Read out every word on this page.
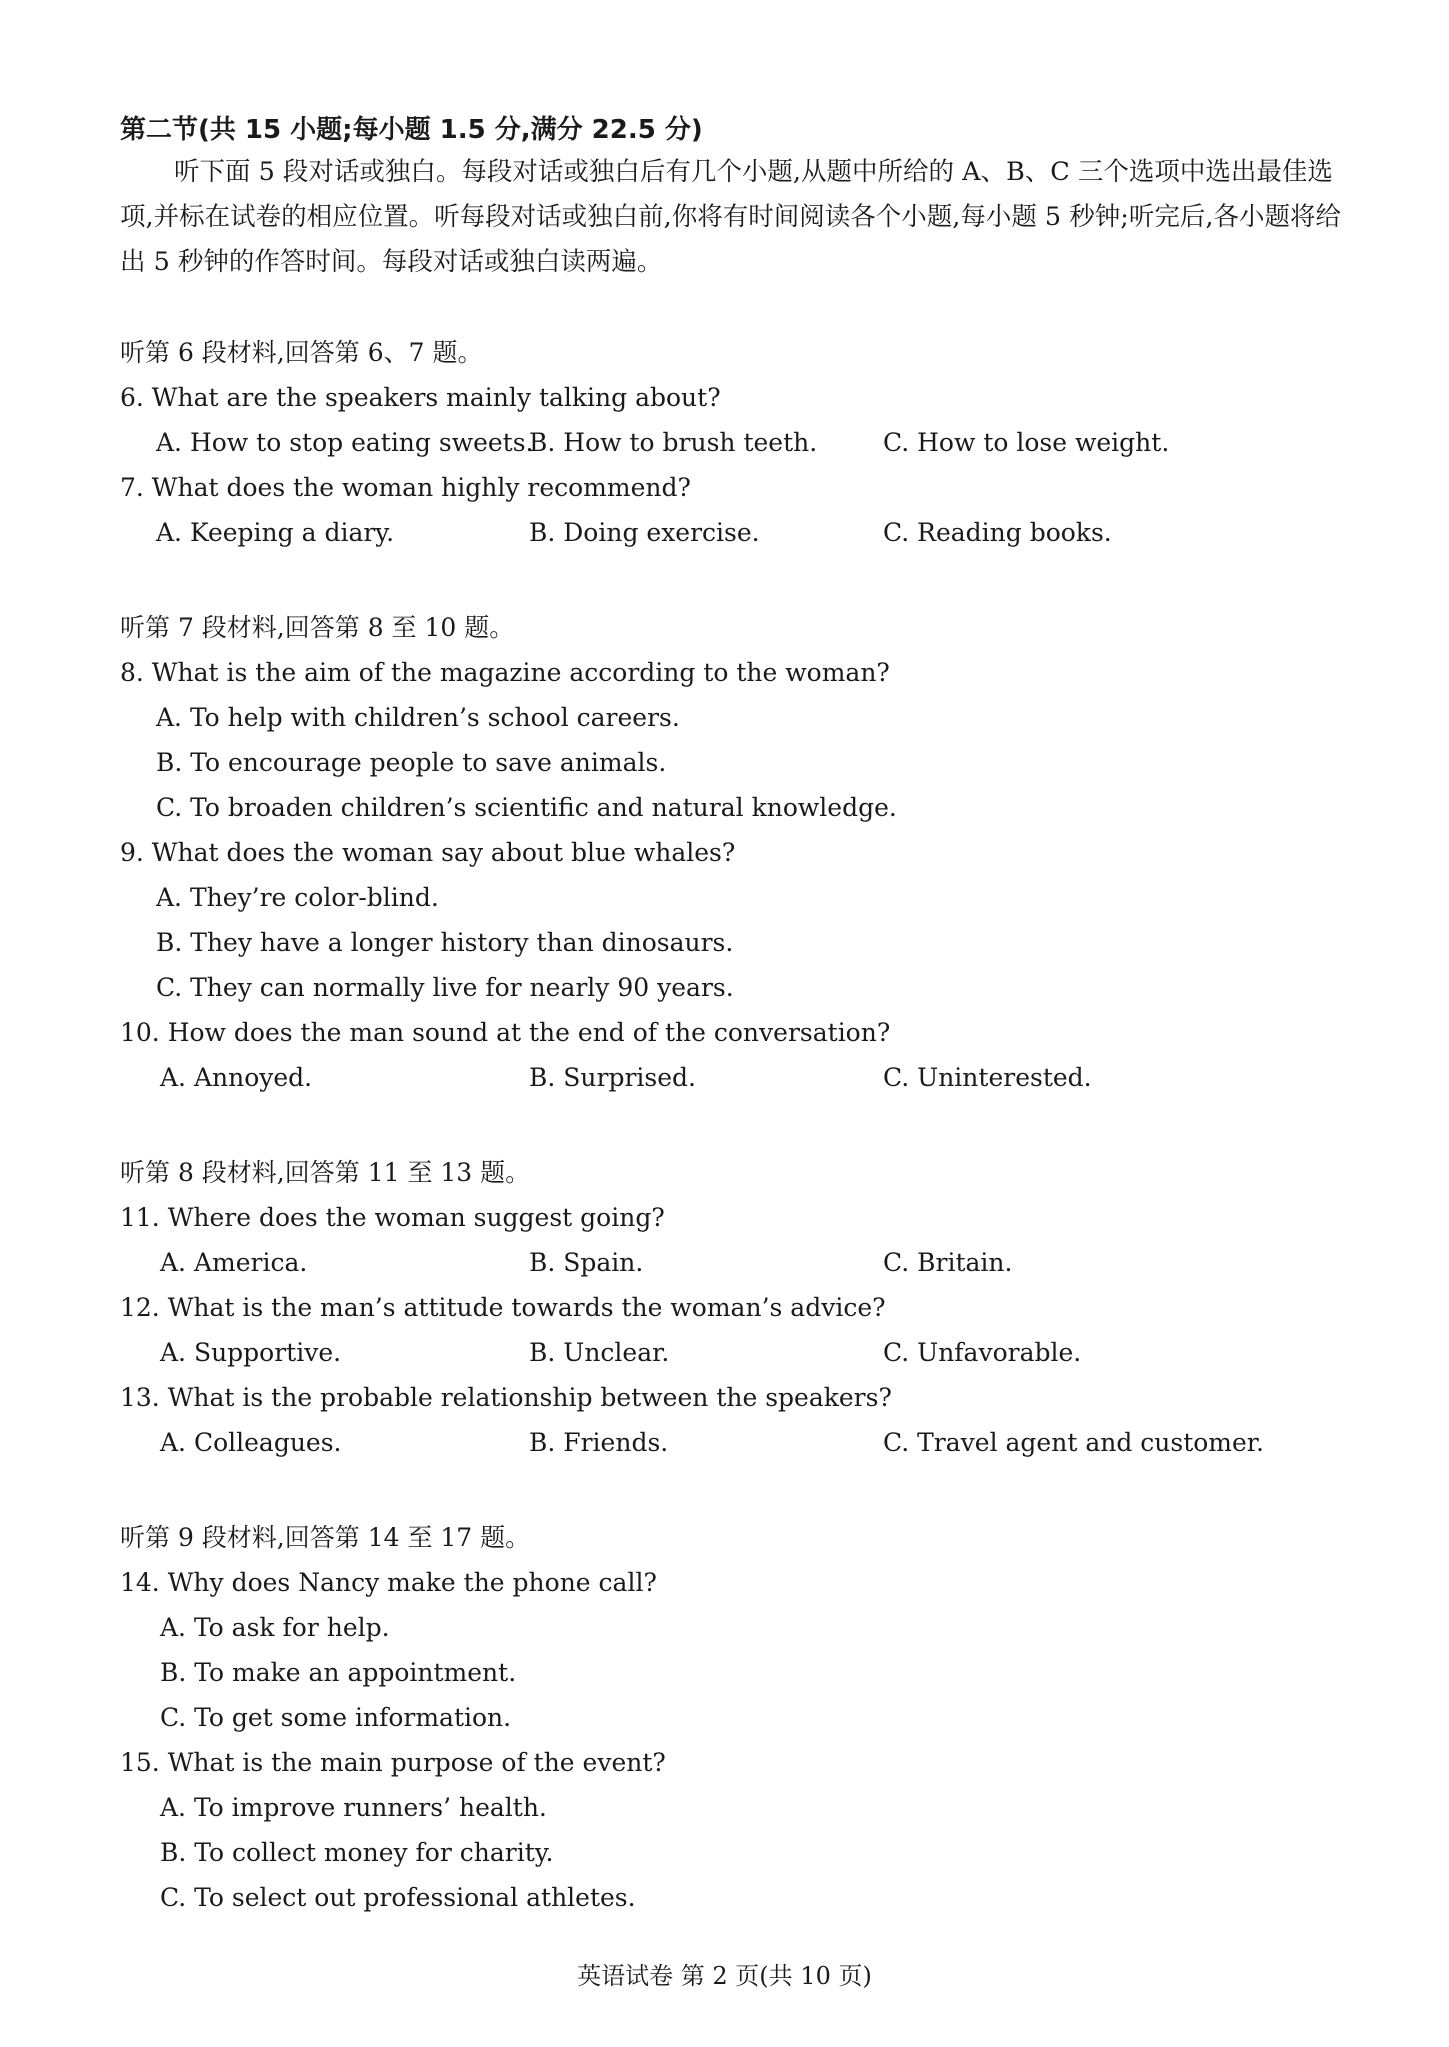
第二节(共 15 小题;每小题 1.5 分,满分 22.5 分)
听下面 5 段对话或独白。每段对话或独白后有几个小题,从题中所给的 A、B、C 三个选项中选出最佳选项,并标在试卷的相应位置。听每段对话或独白前,你将有时间阅读各个小题,每小题 5 秒钟;听完后,各小题将给出 5 秒钟的作答时间。每段对话或独白读两遍。
听第 6 段材料,回答第 6、7 题。
6. What are the speakers mainly talking about?
A. How to stop eating sweets.
B. How to brush teeth.	C. How to lose weight.
7. What does the woman highly recommend?
A. Keeping a diary.	B. Doing exercise.	C. Reading books.
听第 7 段材料,回答第 8 至 10 题。
8. What is the aim of the magazine according to the woman?
A. To help with children’s school careers.
B. To encourage people to save animals.
C. To broaden children’s scientific and natural knowledge.
9. What does the woman say about blue whales?
A. They’re color-blind.
B. They have a longer history than dinosaurs.
C. They can normally live for nearly 90 years.
10. How does the man sound at the end of the conversation?
A. Annoyed.	B. Surprised.	C. Uninterested.
听第 8 段材料,回答第 11 至 13 题。
11. Where does the woman suggest going?
A. America.	B. Spain.	C. Britain.
12. What is the man’s attitude towards the woman’s advice?
A. Supportive.	B. Unclear.	C. Unfavorable.
13. What is the probable relationship between the speakers?
A. Colleagues.	B. Friends.	C. Travel agent and customer.
听第 9 段材料,回答第 14 至 17 题。
14. Why does Nancy make the phone call?
A. To ask for help.
B. To make an appointment.
C. To get some information.
15. What is the main purpose of the event?
A. To improve runners’ health.
B. To collect money for charity.
C. To select out professional athletes.
英语试卷 第 2 页(共 10 页)
